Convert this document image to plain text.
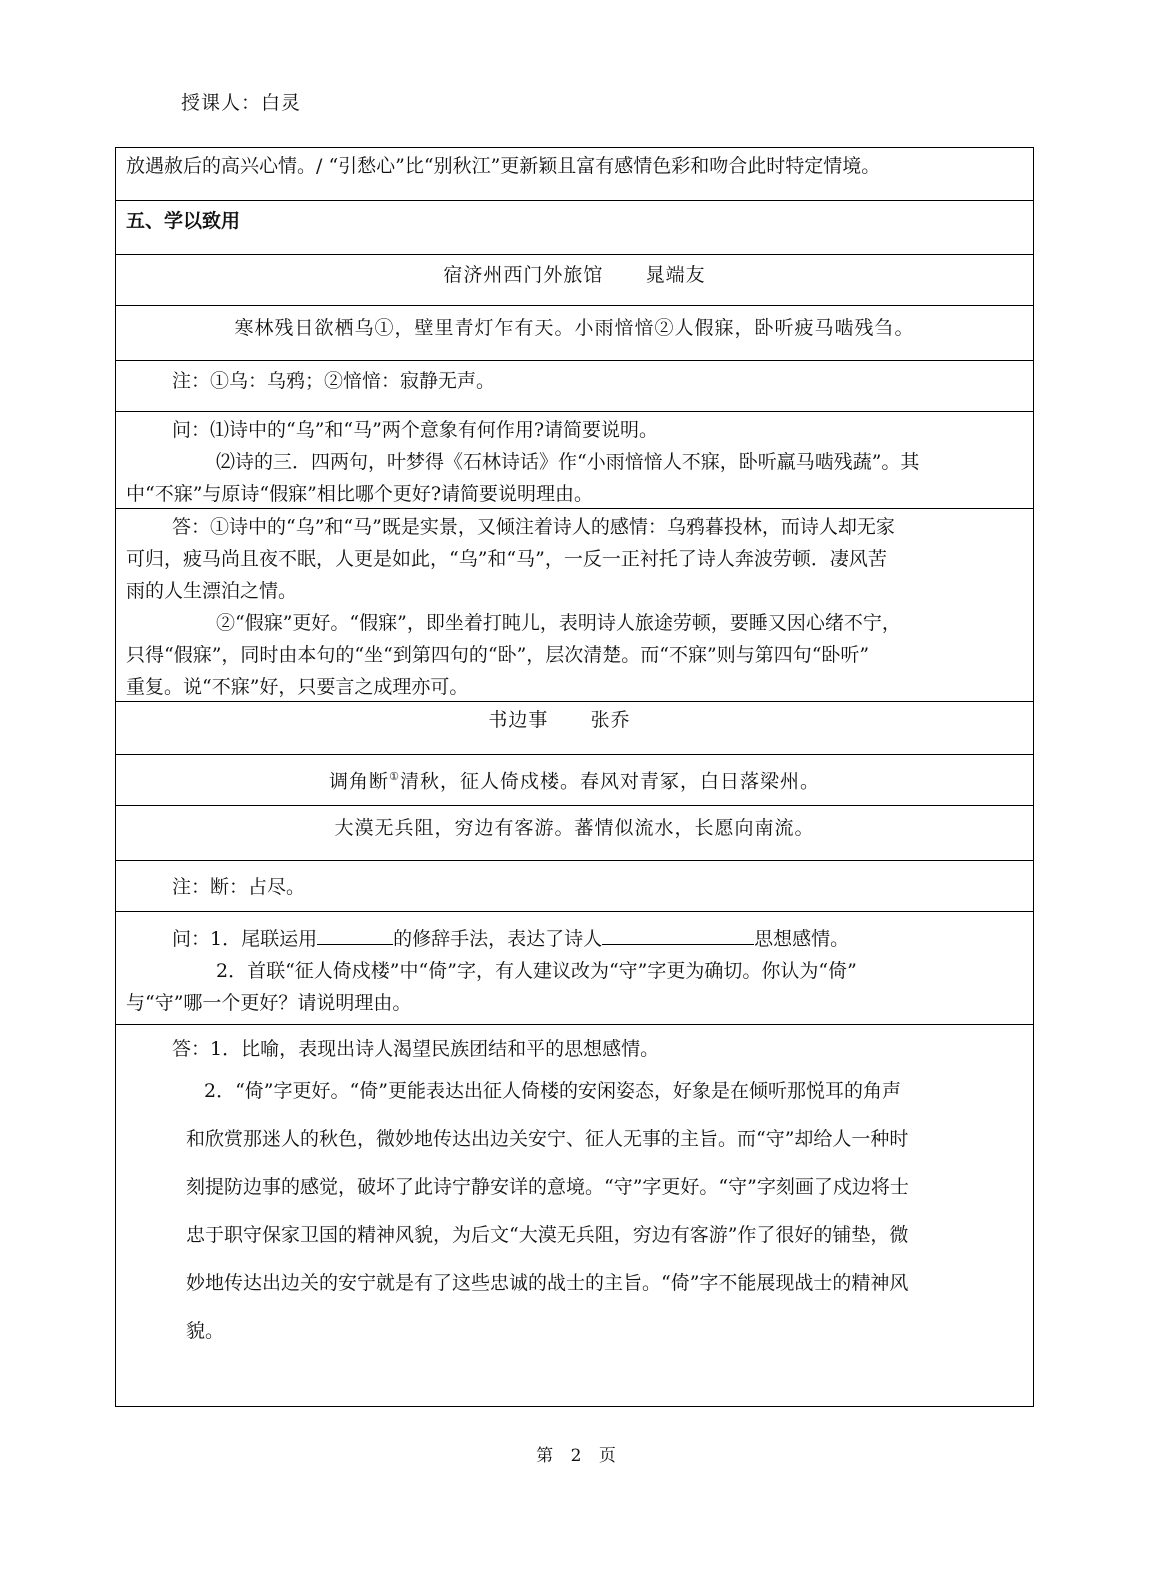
授课人：白灵

放遇赦后的高兴心情。/ “引愁心”比“别秋江”更新颖且富有感情色彩和吻合此时特定情境。

五、学以致用

宿济州西门外旅馆      晁端友

寒林残日欲栖乌①，壁里青灯乍有天。小雨愔愔②人假寐，卧听疲马啮残刍。

注：①乌：乌鸦；②愔愔：寂静无声。

问：⑴诗中的“乌”和“马”两个意象有何作用?请简要说明。

⑵诗的三．四两句，叶梦得《石林诗话》作“小雨愔愔人不寐，卧听羸马啮残蔬”。其

中“不寐”与原诗“假寐”相比哪个更好?请简要说明理由。

答：①诗中的“乌”和“马”既是实景，又倾注着诗人的感情：乌鸦暮投林，而诗人却无家

可归，疲马尚且夜不眠，人更是如此，“乌”和“马”，一反一正衬托了诗人奔波劳顿．凄风苦

雨的人生漂泊之情。

②“假寐”更好。“假寐”，即坐着打盹儿，表明诗人旅途劳顿，要睡又因心绪不宁，

只得“假寐”，同时由本句的“坐“到第四句的“卧”，层次清楚。而“不寐”则与第四句“卧听”

重复。说“不寐”好，只要言之成理亦可。

书边事      张乔

调角断①清秋，征人倚戍楼。春风对青冢，白日落梁州。

大漠无兵阻，穷边有客游。蕃情似流水，长愿向南流。

注：断：占尽。

问：1．尾联运用	的修辞手法，表达了诗人	思想感情。

2．首联“征人倚戍楼”中“倚”字，有人建议改为“守”字更为确切。你认为“倚”

与“守”哪一个更好？请说明理由。

答：1．比喻，表现出诗人渴望民族团结和平的思想感情。

2．“倚”字更好。“倚”更能表达出征人倚楼的安闲姿态，好象是在倾听那悦耳的角声

和欣赏那迷人的秋色，微妙地传达出边关安宁、征人无事的主旨。而“守”却给人一种时

刻提防边事的感觉，破坏了此诗宁静安详的意境。“守”字更好。“守”字刻画了戍边将士

忠于职守保家卫国的精神风貌，为后文“大漠无兵阻，穷边有客游”作了很好的铺垫，微

妙地传达出边关的安宁就是有了这些忠诚的战士的主旨。“倚”字不能展现战士的精神风

貌。

第 2 页
